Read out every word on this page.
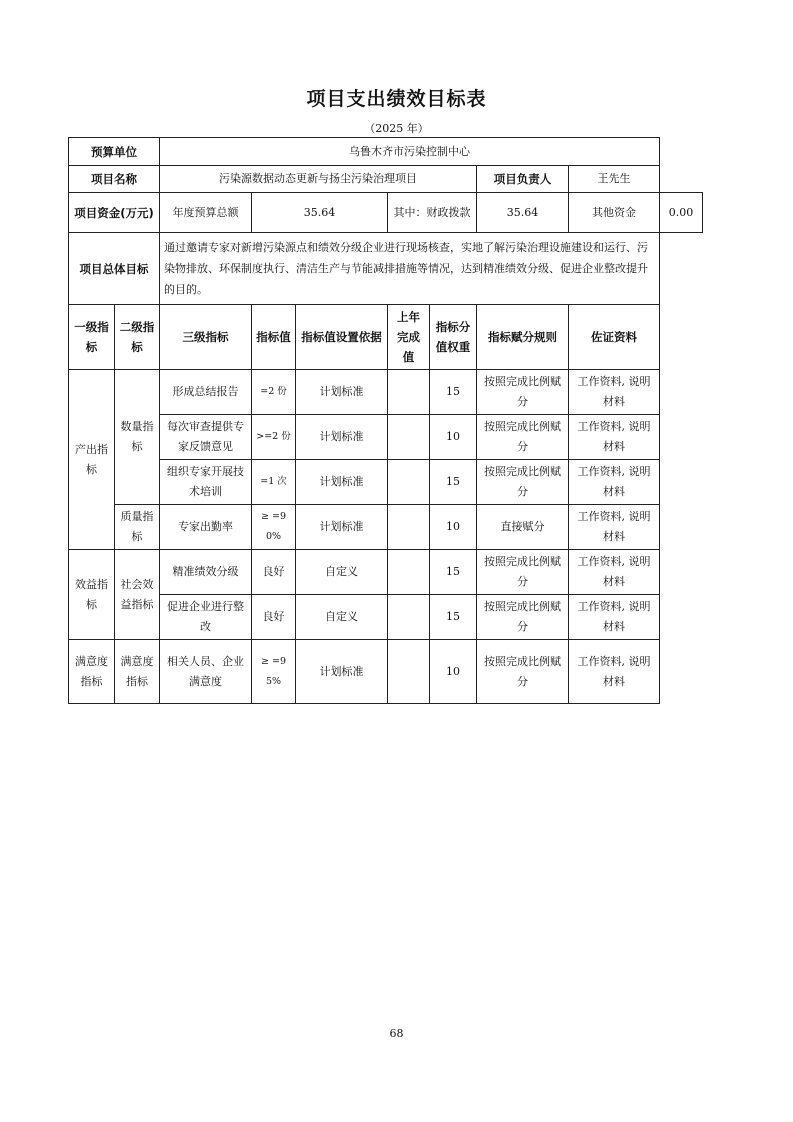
项目支出绩效目标表
（2025 年）
预算单位		乌鲁木齐市污染控制中心							
项目名称		污染源数据动态更新与扬尘污染治理项目					项目负责人	王先生	
项目资金(万元)		年度预算总额	35.64		其中：财政拨款		35.64	其他资金	0.00
项目总体目标		通过邀请专家对新增污染源点和绩效分级企业进行现场核查，实地了解污染治理设施建设和运行、污染物排放、环保制度执行、清洁生产与节能减排措施等情况，达到精准绩效分级、促进企业整改提升的目的。							
一级指标	二级指标	三级指标	指标值	指标值设置依据	上年完成值	指标分值权重	指标赋分规则	佐证资料	
产出指标	数量指标	形成总结报告	=2 份	计划标准		15	按照完成比例赋分	工作资料, 说明材料	
		每次审查提供专家反馈意见	>=2 份	计划标准		10	按照完成比例赋分	工作资料, 说明材料	
		组织专家开展技术培训	=1 次	计划标准		15	按照完成比例赋分	工作资料, 说明材料	
	质量指标	专家出勤率	≥ =90%	计划标准		10	直接赋分	工作资料, 说明材料	
效益指标	社会效益指标	精准绩效分级	良好	自定义		15	按照完成比例赋分	工作资料, 说明材料	
		促进企业进行整改	良好	自定义		15	按照完成比例赋分	工作资料, 说明材料	
满意度指标	满意度指标	相关人员、企业满意度	≥ =95%	计划标准		10	按照完成比例赋分	工作资料, 说明材料	
68
